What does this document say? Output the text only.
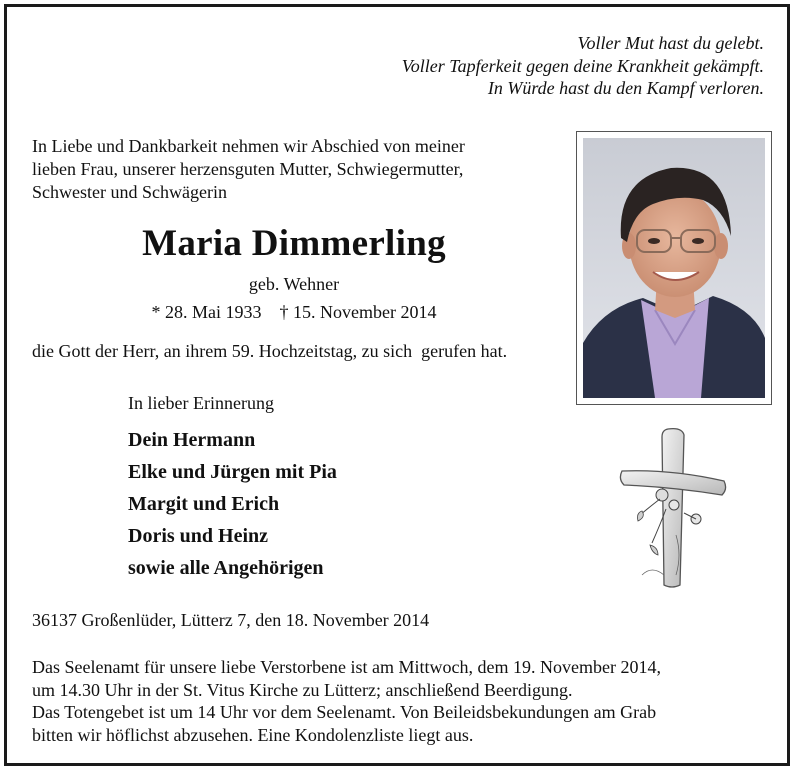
Voller Mut hast du gelebt.
Voller Tapferkeit gegen deine Krankheit gekämpft.
In Würde hast du den Kampf verloren.
In Liebe und Dankbarkeit nehmen wir Abschied von meiner
lieben Frau, unserer herzensguten Mutter, Schwiegermutter,
Schwester und Schwägerin
Maria Dimmerling
geb. Wehner
* 28. Mai 1933    † 15. November 2014
die Gott der Herr, an ihrem 59. Hochzeitstag, zu sich  gerufen hat.
In lieber Erinnerung
Dein Hermann
Elke und Jürgen mit Pia
Margit und Erich
Doris und Heinz
sowie alle Angehörigen
36137 Großenlüder, Lütterz 7, den 18. November 2014
Das Seelenamt für unsere liebe Verstorbene ist am Mittwoch, dem 19. November 2014,
um 14.30 Uhr in der St. Vitus Kirche zu Lütterz; anschließend Beerdigung.
Das Totengebet ist um 14 Uhr vor dem Seelenamt. Von Beileidsbekundungen am Grab
bitten wir höflichst abzusehen. Eine Kondolenzliste liegt aus.
